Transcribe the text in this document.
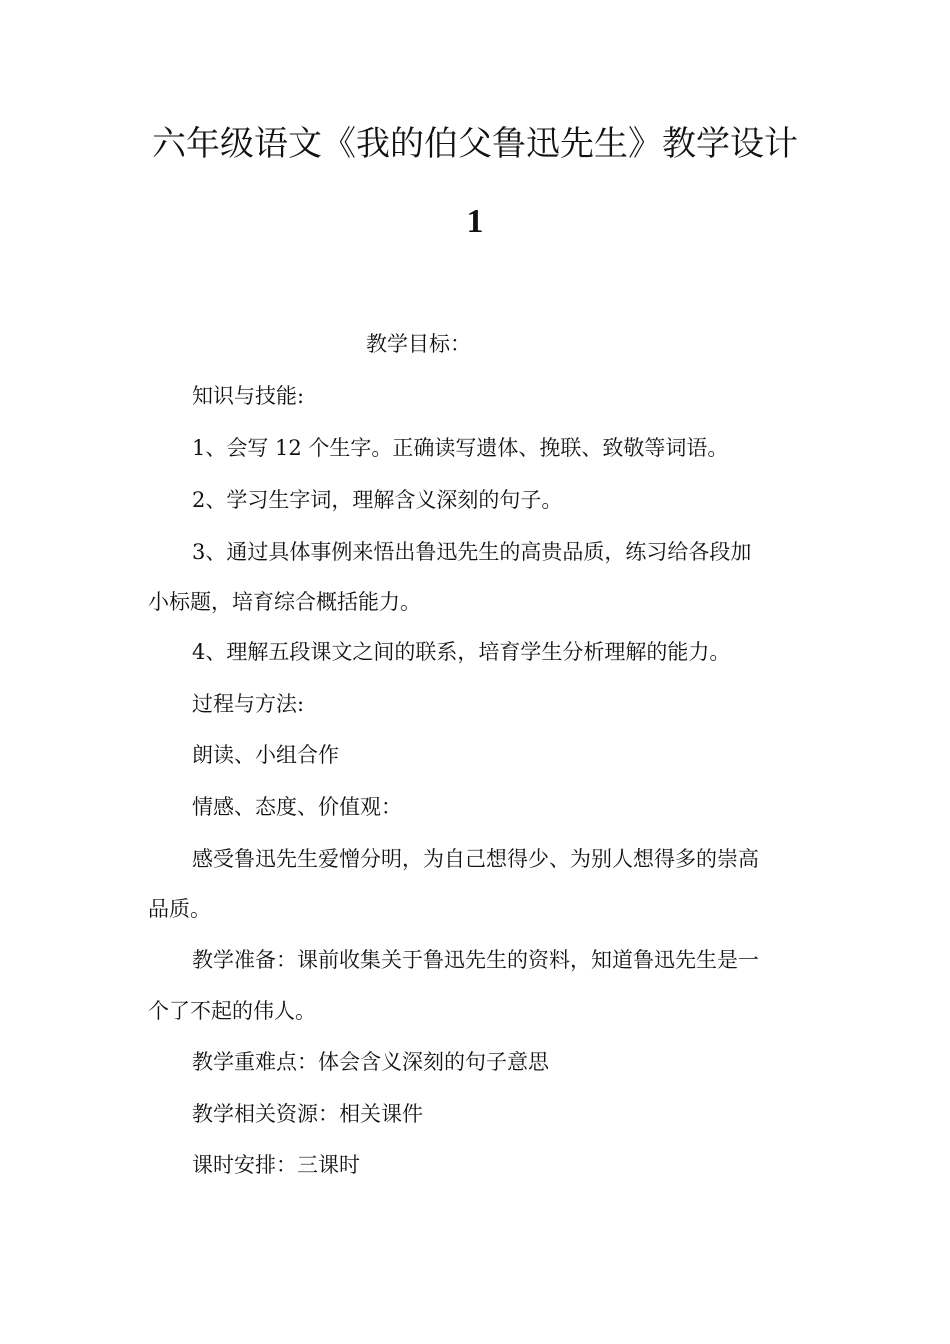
六年级语文《我的伯父鲁迅先生》教学设计
1
教学目标：
知识与技能:
1、会写 12 个生字。正确读写遗体、挽联、致敬等词语。
2、学习生字词，理解含义深刻的句子。
3、通过具体事例来悟出鲁迅先生的高贵品质，练习给各段加
小标题，培育综合概括能力。
4、理解五段课文之间的联系，培育学生分析理解的能力。
过程与方法:
朗读、小组合作
情感、态度、价值观：
感受鲁迅先生爱憎分明，为自己想得少、为别人想得多的崇高
品质。
教学准备：课前收集关于鲁迅先生的资料，知道鲁迅先生是一
个了不起的伟人。
教学重难点：体会含义深刻的句子意思
教学相关资源：相关课件
课时安排：三课时
